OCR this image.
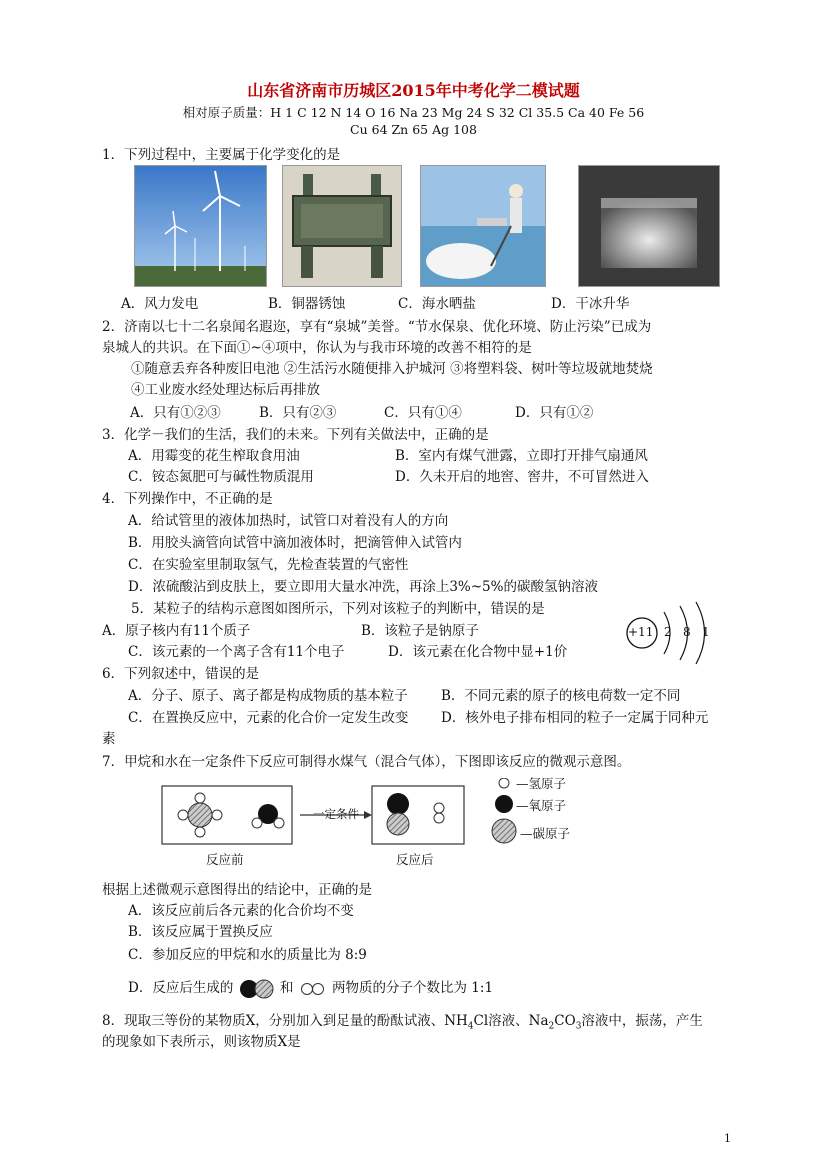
山东省济南市历城区2015年中考化学二模试题
相对原子质量：H 1 C 12 N 14 O 16 Na 23 Mg 24 S 32 Cl 35.5 Ca 40 Fe 56
Cu 64 Zn 65 Ag 108
1．下列过程中，主要属于化学变化的是
A．风力发电	B．铜器锈蚀	C．海水晒盐	D．干冰升华
2．济南以七十二名泉闻名遐迩，享有“泉城”美誉。“节水保泉、优化环境、防止污染”已成为
泉城人的共识。在下面①~④项中，你认为与我市环境的改善不相符的是
①随意丢弃各种废旧电池 ②生活污水随便排入护城河 ③将塑料袋、树叶等垃圾就地焚烧
④工业废水经处理达标后再排放
A．只有①②③	B．只有②③	C．只有①④	D．只有①②
3．化学－我们的生活，我们的未来。下列有关做法中，正确的是
A．用霉变的花生榨取食用油	B．室内有煤气泄露，立即打开排气扇通风
C．铵态氮肥可与碱性物质混用	D．久未开启的地窖、窖井，不可冒然进入
4．下列操作中，不正确的是
A．给试管里的液体加热时，试管口对着没有人的方向
B．用胶头滴管向试管中滴加液体时，把滴管伸入试管内
C．在实验室里制取氢气，先检查装置的气密性
D．浓硫酸沾到皮肤上，要立即用大量水冲洗，再涂上3%~5%的碳酸氢钠溶液
5．某粒子的结构示意图如图所示，下列对该粒子的判断中，错误的是
A．原子核内有11个质子	B．该粒子是钠原子
C．该元素的一个离子含有11个电子	D．该元素在化合物中显+1价
+11 2 8 1
6．下列叙述中，错误的是
A．分子、原子、离子都是构成物质的基本粒子 B．不同元素的原子的核电荷数一定不同
C．在置换反应中，元素的化合价一定发生改变 D．核外电子排布相同的粒子一定属于同种元
素
7．甲烷和水在一定条件下反应可制得水煤气（混合气体），下图即该反应的微观示意图。
一定条件
反应前	反应后
—氢原子
—氧原子
—碳原子
根据上述微观示意图得出的结论中，正确的是
A．该反应前后各元素的化合价均不变
B．该反应属于置换反应
C．参加反应的甲烷和水的质量比为 8:9
D．反应后生成的	和	两物质的分子个数比为 1:1
8．现取三等份的某物质X，分别加入到足量的酚酞试液、$NH_4Cl$溶液、$Na_2CO_3$溶液中，振荡，产生
的现象如下表所示，则该物质X是
1
